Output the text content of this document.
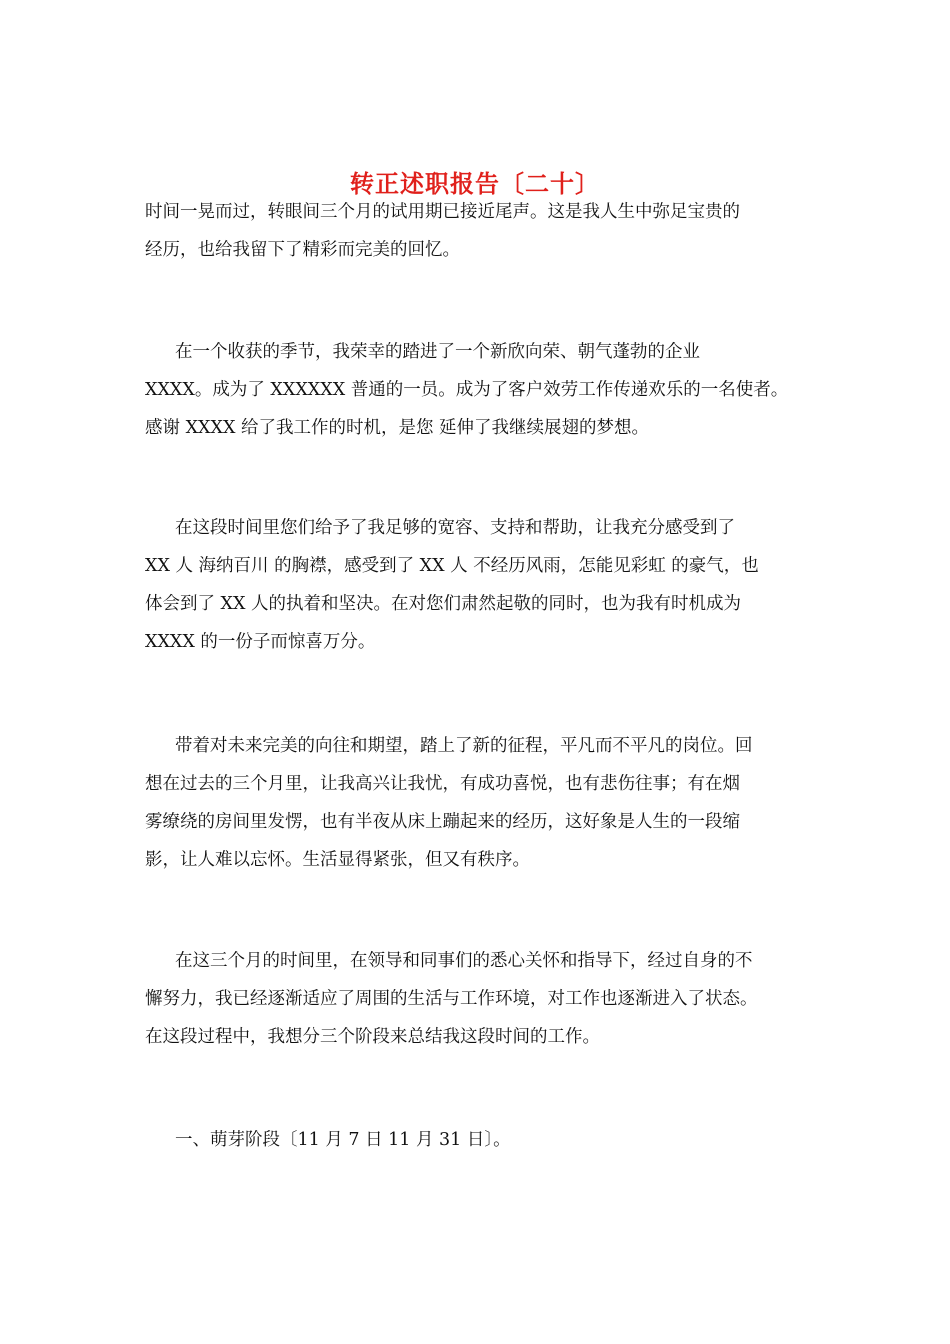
转正述职报告〔二十〕
时间一晃而过，转眼间三个月的试用期已接近尾声。这是我人生中弥足宝贵的
经历，也给我留下了精彩而完美的回忆。
在一个收获的季节，我荣幸的踏进了一个新欣向荣、朝气蓬勃的企业
XXXX。成为了 XXXXXX 普通的一员。成为了客户效劳工作传递欢乐的一名使者。
感谢 XXXX 给了我工作的时机，是您 延伸了我继续展翅的梦想。
在这段时间里您们给予了我足够的宽容、支持和帮助，让我充分感受到了
XX 人 海纳百川 的胸襟，感受到了 XX 人 不经历风雨，怎能见彩虹 的豪气，也
体会到了 XX 人的执着和坚决。在对您们肃然起敬的同时，也为我有时机成为
XXXX 的一份子而惊喜万分。
带着对未来完美的向往和期望，踏上了新的征程，平凡而不平凡的岗位。回
想在过去的三个月里，让我高兴让我忧，有成功喜悦，也有悲伤往事；有在烟
雾缭绕的房间里发愣，也有半夜从床上蹦起来的经历，这好象是人生的一段缩
影，让人难以忘怀。生活显得紧张，但又有秩序。
在这三个月的时间里，在领导和同事们的悉心关怀和指导下，经过自身的不
懈努力，我已经逐渐适应了周围的生活与工作环境，对工作也逐渐进入了状态。
在这段过程中，我想分三个阶段来总结我这段时间的工作。
一、萌芽阶段〔11 月 7 日 11 月 31 日〕。
